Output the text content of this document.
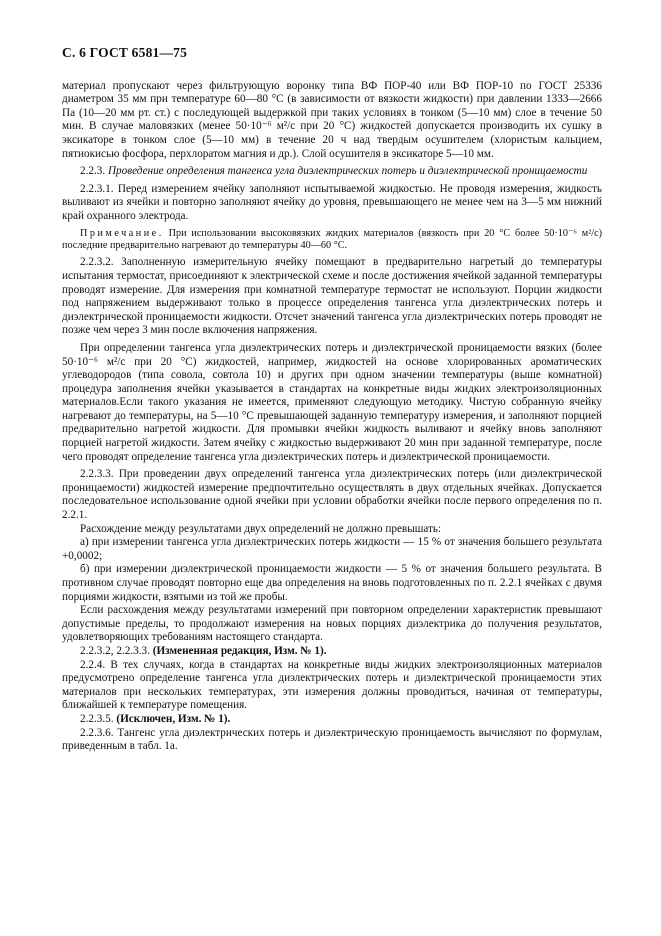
С. 6 ГОСТ 6581—75

материал пропускают через фильтрующую воронку типа ВФ ПОР-40 или ВФ ПОР-10 по ГОСТ 25336 диаметром 35 мм при температуре 60—80 °С (в зависимости от вязкости жидкости) при давлении 1333—2666 Па (10—20 мм рт. ст.) с последующей выдержкой при таких условиях в тонком (5—10 мм) слое в течение 50 мин. В случае маловязких (менее 50·10⁻⁶ м²/с при 20 °С) жидкостей допускается производить их сушку в эксикаторе в тонком слое (5—10 мм) в течение 20 ч над твердым осушителем (хлористым кальцием, пятиокисью фосфора, перхлоратом магния и др.). Слой осушителя в эксикаторе 5—10 мм.

2.2.3. Проведение определения тангенса угла диэлектрических потерь и диэлектрической проницаемости

2.2.3.1. Перед измерением ячейку заполняют испытываемой жидкостью. Не проводя измерения, жидкость выливают из ячейки и повторно заполняют ячейку до уровня, превышающего не менее чем на 3—5 мм нижний край охранного электрода.

Примечание. При использовании высоковязких жидких материалов (вязкость при 20 °С более 50·10⁻⁶ м²/с) последние предварительно нагревают до температуры 40—60 °С.

2.2.3.2. Заполненную измерительную ячейку помещают в предварительно нагретый до температуры испытания термостат, присоединяют к электрической схеме и после достижения ячейкой заданной температуры проводят измерение. Для измерения при комнатной температуре термостат не используют. Порции жидкости под напряжением выдерживают только в процессе определения тангенса угла диэлектрических потерь и диэлектрической проницаемости жидкости. Отсчет значений тангенса угла диэлектрических потерь проводят не позже чем через 3 мин после включения напряжения.

При определении тангенса угла диэлектрических потерь и диэлектрической проницаемости вязких (более 50·10⁻⁶ м²/с при 20 °С) жидкостей, например, жидкостей на основе хлорированных ароматических углеводородов (типа совола, совтола 10) и других при одном значении температуры (выше комнатной) процедура заполнения ячейки указывается в стандартах на конкретные виды жидких электроизоляционных материалов.Если такого указания не имеется, применяют следующую методику. Чистую собранную ячейку нагревают до температуры, на 5—10 °С превышающей заданную температуру измерения, и заполняют порцией предварительно нагретой жидкости. Для промывки ячейки жидкость выливают и ячейку вновь заполняют порцией нагретой жидкости. Затем ячейку с жидкостью выдерживают 20 мин при заданной температуре, после чего проводят определение тангенса угла диэлектрических потерь и диэлектрической проницаемости.

2.2.3.3. При проведении двух определений тангенса угла диэлектрических потерь (или диэлектрической проницаемости) жидкостей измерение предпочтительно осуществлять в двух отдельных ячейках. Допускается последовательное использование одной ячейки при условии обработки ячейки после первого определения по п. 2.2.1.

Расхождение между результатами двух определений не должно превышать:

а) при измерении тангенса угла диэлектрических потерь жидкости — 15 % от значения большего результата +0,0002;

б) при измерении диэлектрической проницаемости жидкости — 5 % от значения большего результата. В противном случае проводят повторно еще два определения на вновь подготовленных по п. 2.2.1 ячейках с двумя порциями жидкости, взятыми из той же пробы.

Если расхождения между результатами измерений при повторном определении характеристик превышают допустимые пределы, то продолжают измерения на новых порциях диэлектрика до получения результатов, удовлетворяющих требованиям настоящего стандарта.

2.2.3.2, 2.2.3.3. (Измененная редакция, Изм. № 1).

2.2.4. В тех случаях, когда в стандартах на конкретные виды жидких электроизоляционных материалов предусмотрено определение тангенса угла диэлектрических потерь и диэлектрической проницаемости этих материалов при нескольких температурах, эти измерения должны проводиться, начиная от температуры, ближайшей к температуре помещения.

2.2.3.5. (Исключен, Изм. № 1).

2.2.3.6. Тангенс угла диэлектрических потерь и диэлектрическую проницаемость вычисляют по формулам, приведенным в табл. 1а.
